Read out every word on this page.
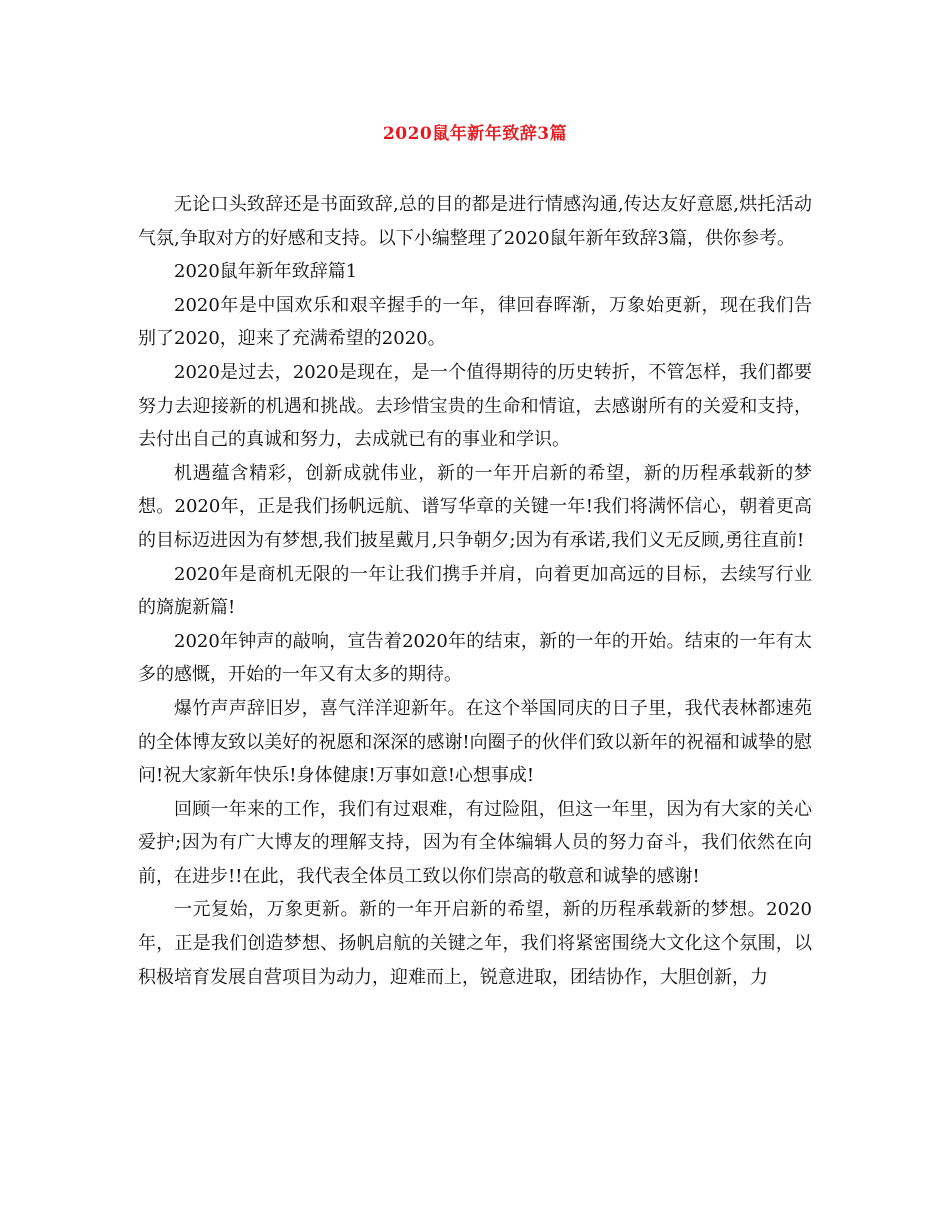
2020鼠年新年致辞3篇

无论口头致辞还是书面致辞,总的目的都是进行情感沟通,传达友好意愿,烘托活动气氛,争取对方的好感和支持。以下小编整理了2020鼠年新年致辞3篇，供你参考。

2020鼠年新年致辞篇1

2020年是中国欢乐和艰辛握手的一年，律回春晖渐，万象始更新，现在我们告别了2020，迎来了充满希望的2020。

2020是过去，2020是现在，是一个值得期待的历史转折，不管怎样，我们都要努力去迎接新的机遇和挑战。去珍惜宝贵的生命和情谊，去感谢所有的关爱和支持，去付出自己的真诚和努力，去成就已有的事业和学识。

机遇蕴含精彩，创新成就伟业，新的一年开启新的希望，新的历程承载新的梦想。2020年，正是我们扬帆远航、谱写华章的关键一年!我们将满怀信心，朝着更高的目标迈进因为有梦想,我们披星戴月,只争朝夕;因为有承诺,我们义无反顾,勇往直前!

2020年是商机无限的一年让我们携手并肩，向着更加高远的目标，去续写行业的旖旎新篇!

2020年钟声的敲响，宣告着2020年的结束，新的一年的开始。结束的一年有太多的感慨，开始的一年又有太多的期待。

爆竹声声辞旧岁，喜气洋洋迎新年。在这个举国同庆的日子里，我代表林都速苑的全体博友致以美好的祝愿和深深的感谢!向圈子的伙伴们致以新年的祝福和诚挚的慰问!祝大家新年快乐!身体健康!万事如意!心想事成!

回顾一年来的工作，我们有过艰难，有过险阻，但这一年里，因为有大家的关心爱护;因为有广大博友的理解支持，因为有全体编辑人员的努力奋斗，我们依然在向前，在进步!!在此，我代表全体员工致以你们崇高的敬意和诚挚的感谢!

一元复始，万象更新。新的一年开启新的希望，新的历程承载新的梦想。2020年，正是我们创造梦想、扬帆启航的关键之年，我们将紧密围绕大文化这个氛围，以积极培育发展自营项目为动力，迎难而上，锐意进取，团结协作，大胆创新，力
